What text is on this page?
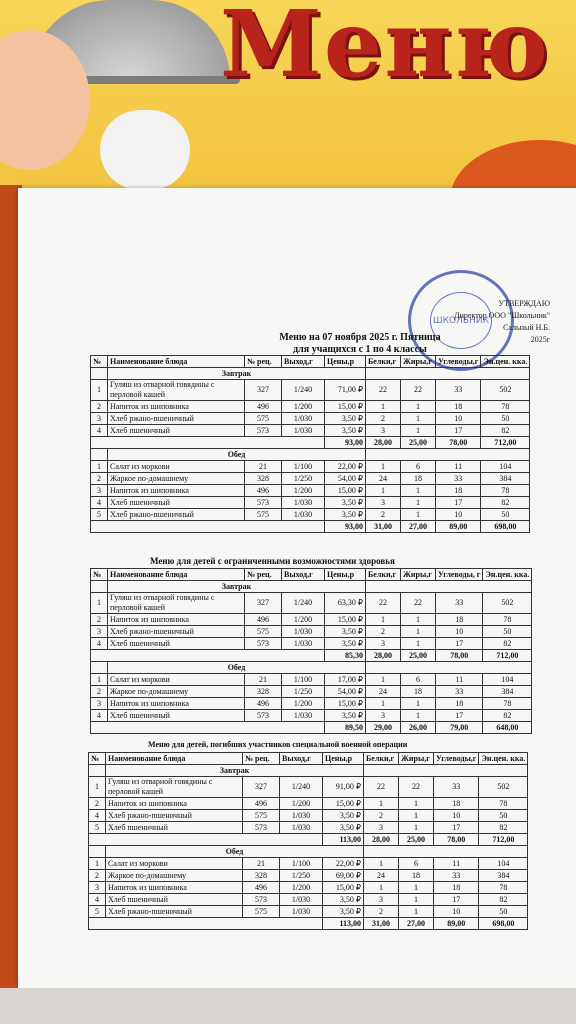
Меню
ШКОЛЬНИК
УТВЕРЖДАЮ
Директор ООО "Школьник"
Сальный Н.Б.
2025г
Меню на 07 ноября 2025 г. Пятница
для учащихся с 1 по 4 классы
№	Наименование блюда	№ рец.	Выход,г	Цены,р	Белки,г	Жиры,г	Углеводы,г	Эн.цен. кка.
	Завтрак							
1	Гуляш из отварной говядины с перловой кашей	327	1/240	71,00 ₽	22	22	33	502
2	Напиток из шиповника	496	1/200	15,00 ₽	1	1	18	78
3	Хлеб ржано-пшеничный	575	1/030	3,50 ₽	2	1	10	50
4	Хлеб пшеничный	573	1/030	3,50 ₽	3	1	17	82
				93,00	28,00	25,00	78,00	712,00
	Обед							
1	Салат из моркови	21	1/100	22,00 ₽	1	6	11	104
2	Жаркое по-домашнему	328	1/250	54,00 ₽	24	18	33	384
3	Напиток из шиповника	496	1/200	15,00 ₽	1	1	18	78
4	Хлеб пшеничный	573	1/030	3,50 ₽	3	1	17	82
5	Хлеб ржано-пшеничный	575	1/030	3,50 ₽	2	1	10	50
				93,00	31,00	27,00	89,00	698,00
Меню для детей с ограниченными возможностями здоровья
№	Наименование блюда	№ рец.	Выход,г	Цены,р	Белки,г	Жиры,г	Углеводы, г	Эн.цен. кка.
	Завтрак							
1	Гуляш из отварной говядины с перловой кашей	327	1/240	63,30 ₽	22	22	33	502
2	Напиток из шиповника	496	1/200	15,00 ₽	1	1	18	78
3	Хлеб ржано-пшеничный	575	1/030	3,50 ₽	2	1	10	50
4	Хлеб пшеничный	573	1/030	3,50 ₽	3	1	17	82
				85,30	28,00	25,00	78,00	712,00
	Обед							
1	Салат из моркови	21	1/100	17,00 ₽	1	6	11	104
2	Жаркое по-домашнему	328	1/250	54,00 ₽	24	18	33	384
3	Напиток из шиповника	496	1/200	15,00 ₽	1	1	18	78
4	Хлеб пшеничный	573	1/030	3,50 ₽	3	1	17	82
				89,50	29,00	26,00	79,00	648,00
Меню для детей, погибших участников специальной военной операции
№	Наименование блюда	№ рец.	Выход,г	Цены,р	Белки,г	Жиры,г	Углеводы,г	Эн.цен. кка.
	Завтрак							
1	Гуляш из отварной говядины с перловой кашей	327	1/240	91,00 ₽	22	22	33	502
2	Напиток из шиповника	496	1/200	15,00 ₽	1	1	18	78
4	Хлеб ржано-пшеничный	575	1/030	3,50 ₽	2	1	10	50
5	Хлеб пшеничный	573	1/030	3,50 ₽	3	1	17	82
				113,00	28,00	25,00	78,00	712,00
	Обед							
1	Салат из моркови	21	1/100	22,00 ₽	1	6	11	104
2	Жаркое по-домашнему	328	1/250	69,00 ₽	24	18	33	384
3	Напиток из шиповника	496	1/200	15,00 ₽	1	1	18	78
4	Хлеб пшеничный	573	1/030	3,50 ₽	3	1	17	82
5	Хлеб ржано-пшеничный	575	1/030	3,50 ₽	2	1	10	50
				113,00	31,00	27,00	89,00	698,00
